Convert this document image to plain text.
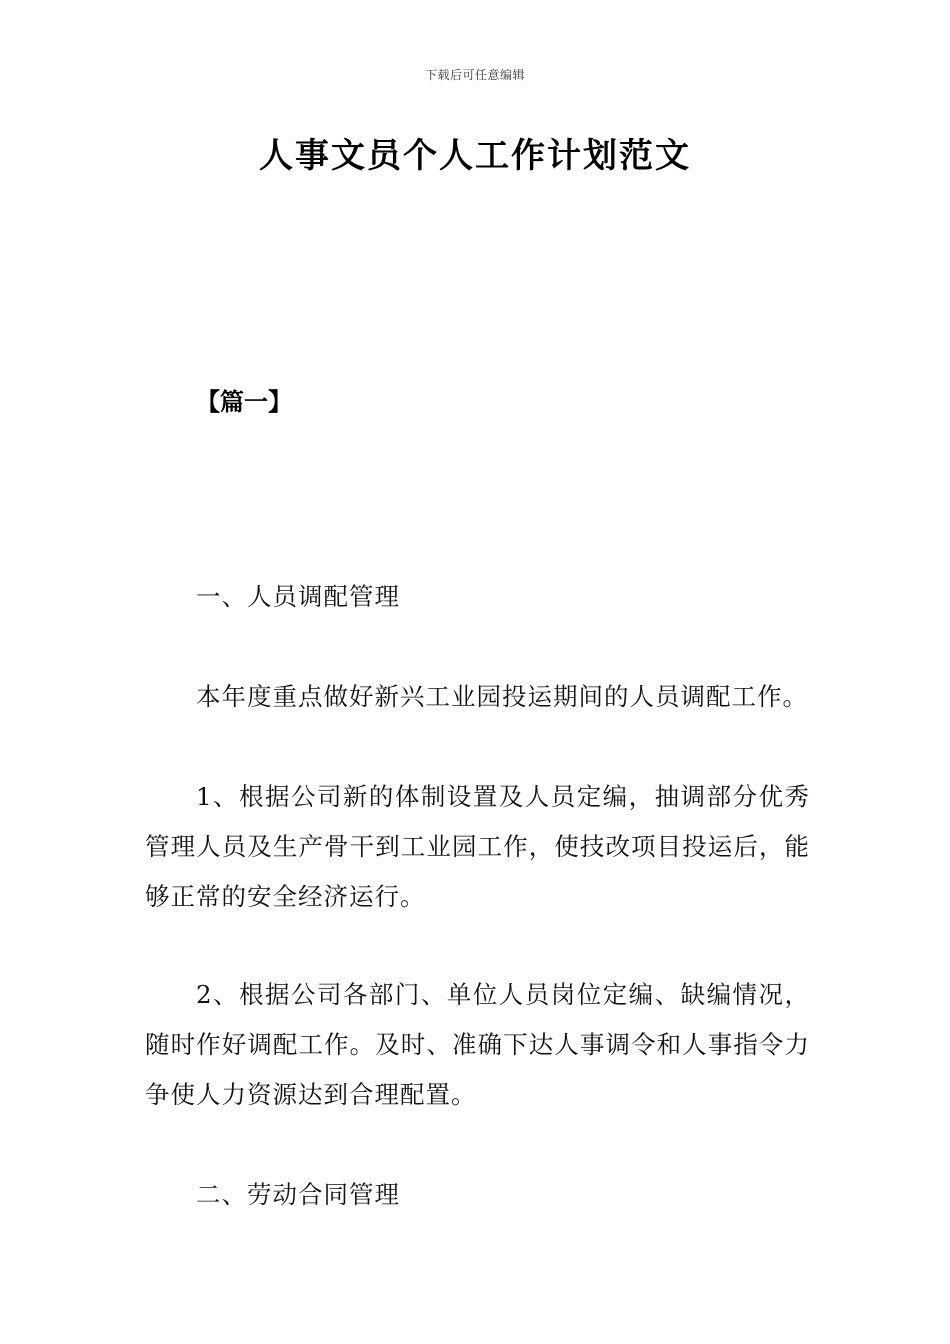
下载后可任意编辑
人事文员个人工作计划范文
【篇一】

一、人员调配管理

本年度重点做好新兴工业园投运期间的人员调配工作。

1、根据公司新的体制设置及人员定编，抽调部分优秀管理人员及生产骨干到工业园工作，使技改项目投运后，能够正常的安全经济运行。

2、根据公司各部门、单位人员岗位定编、缺编情况，随时作好调配工作。及时、准确下达人事调令和人事指令力争使人力资源达到合理配置。

二、劳动合同管理
